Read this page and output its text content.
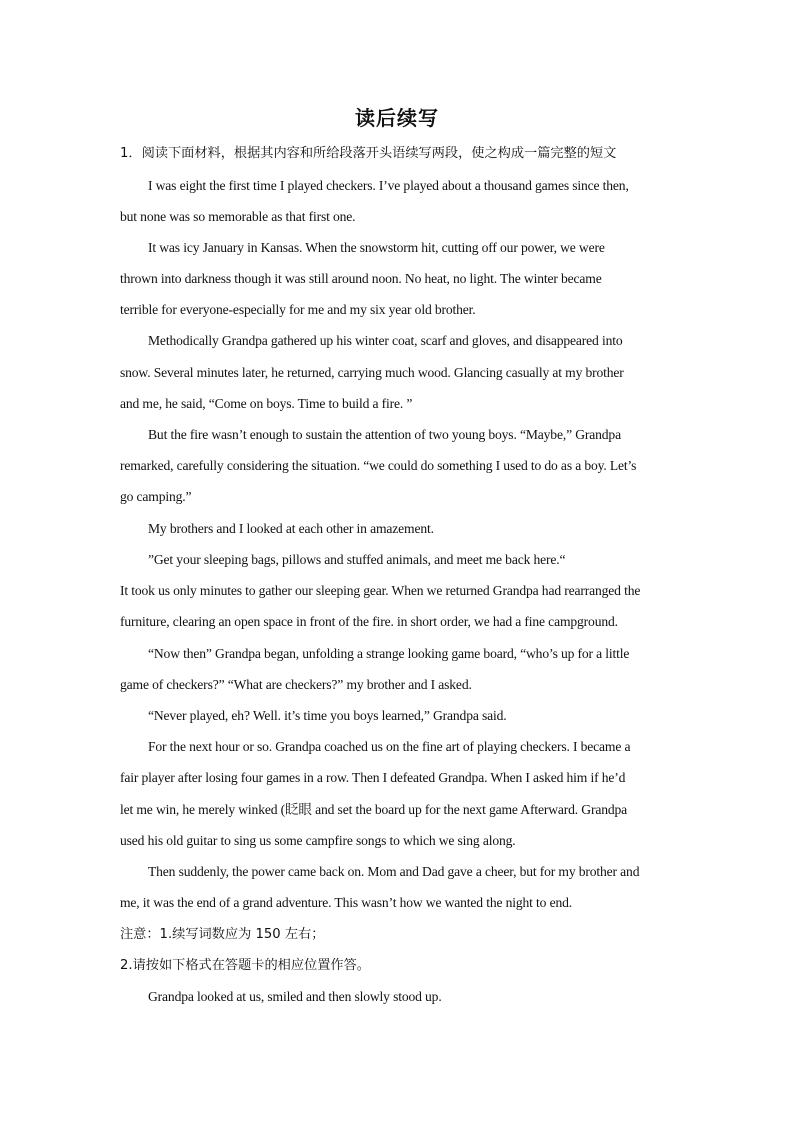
读后续写
1．阅读下面材料，根据其内容和所给段落开头语续写两段，使之构成一篇完整的短文
I was eight the first time I played checkers. I’ve played about a thousand games since then,
but none was so memorable as that first one.
It was icy January in Kansas. When the snowstorm hit, cutting off our power, we were
thrown into darkness though it was still around noon. No heat, no light. The winter became
terrible for everyone-especially for me and my six year old brother.
Methodically Grandpa gathered up his winter coat, scarf and gloves, and disappeared into
snow. Several minutes later, he returned, carrying much wood. Glancing casually at my brother
and me, he said, “Come on boys. Time to build a fire. ”
But the fire wasn’t enough to sustain the attention of two young boys. “Maybe,” Grandpa
remarked, carefully considering the situation. “we could do something I used to do as a boy. Let’s
go camping.”
My brothers and I looked at each other in amazement.
”Get your sleeping bags, pillows and stuffed animals, and meet me back here.“
It took us only minutes to gather our sleeping gear. When we returned Grandpa had rearranged the
furniture, clearing an open space in front of the fire. in short order, we had a fine campground.
“Now then” Grandpa began, unfolding a strange looking game board, “who’s up for a little
game of checkers?” “What are checkers?” my brother and I asked.
“Never played, eh? Well. it’s time you boys learned,” Grandpa said.
For the next hour or so. Grandpa coached us on the fine art of playing checkers. I became a
fair player after losing four games in a row. Then I defeated Grandpa. When I asked him if he’d
let me win, he merely winked (眨眼 and set the board up for the next game Afterward. Grandpa
used his old guitar to sing us some campfire songs to which we sing along.
Then suddenly, the power came back on. Mom and Dad gave a cheer, but for my brother and
me, it was the end of a grand adventure. This wasn’t how we wanted the night to end.
注意：1.续写词数应为 150 左右；
2.请按如下格式在答题卡的相应位置作答。
Grandpa looked at us, smiled and then slowly stood up.
